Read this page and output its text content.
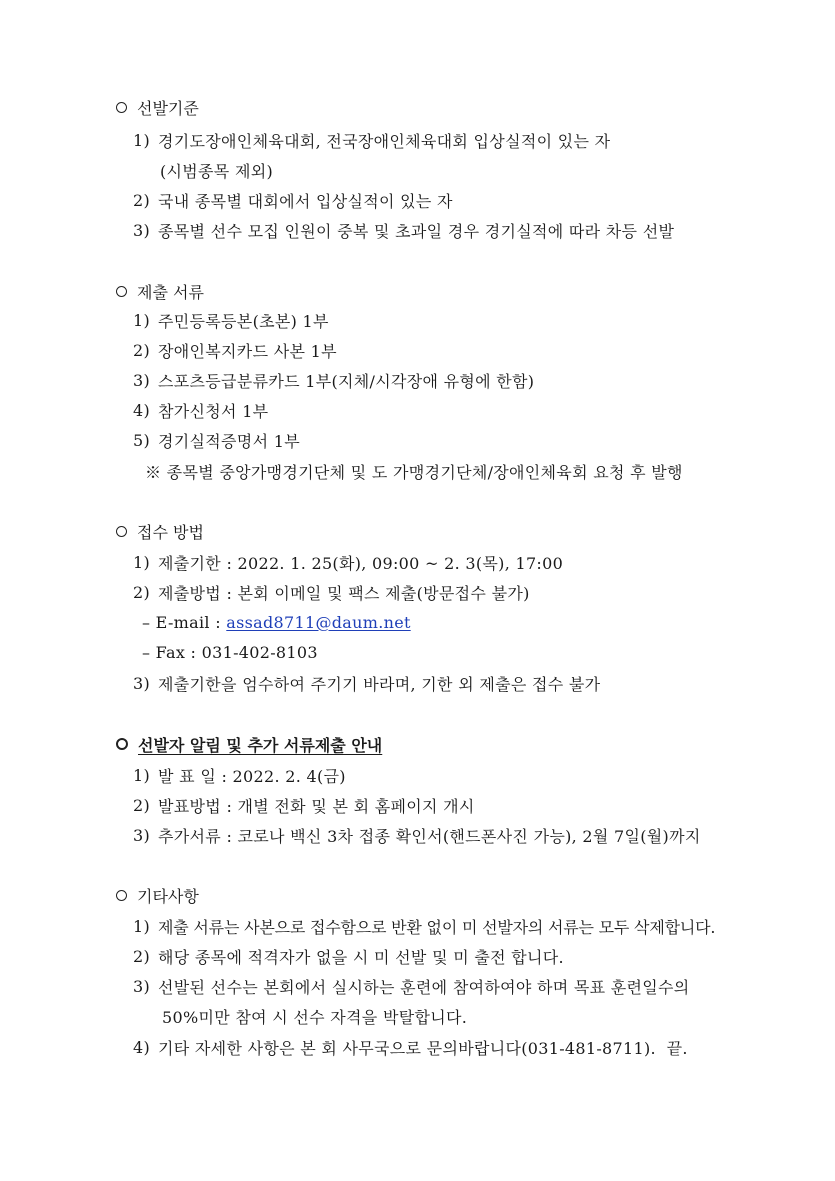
선발기준
1) 경기도장애인체육대회, 전국장애인체육대회 입상실적이 있는 자
(시범종목 제외)
2) 국내 종목별 대회에서 입상실적이 있는 자
3) 종목별 선수 모집 인원이 중복 및 초과일 경우 경기실적에 따라 차등 선발
제출 서류
1) 주민등록등본(초본) 1부
2) 장애인복지카드 사본 1부
3) 스포츠등급분류카드 1부(지체/시각장애 유형에 한함)
4) 참가신청서 1부
5) 경기실적증명서 1부
※ 종목별 중앙가맹경기단체 및 도 가맹경기단체/장애인체육회 요청 후 발행
접수 방법
1) 제출기한 : 2022. 1. 25(화), 09:00 ~ 2. 3(목), 17:00
2) 제출방법 : 본회 이메일 및 팩스 제출(방문접수 불가)
– E-mail : assad8711@daum.net
– Fax : 031-402-8103
3) 제출기한을 엄수하여 주기기 바라며, 기한 외 제출은 접수 불가
선발자 알림 및 추가 서류제출 안내
1) 발 표 일 : 2022. 2. 4(금)
2) 발표방법 : 개별 전화 및 본 회 홈페이지 개시
3) 추가서류 : 코로나 백신 3차 접종 확인서(핸드폰사진 가능), 2월 7일(월)까지
기타사항
1) 제출 서류는 사본으로 접수함으로 반환 없이 미 선발자의 서류는 모두 삭제합니다.
2) 해당 종목에 적격자가 없을 시 미 선발 및 미 출전 합니다.
3) 선발된 선수는 본회에서 실시하는 훈련에 참여하여야 하며 목표 훈련일수의
50%미만 참여 시 선수 자격을 박탈합니다.
4) 기타 자세한 사항은 본 회 사무국으로 문의바랍니다(031-481-8711).  끝.
